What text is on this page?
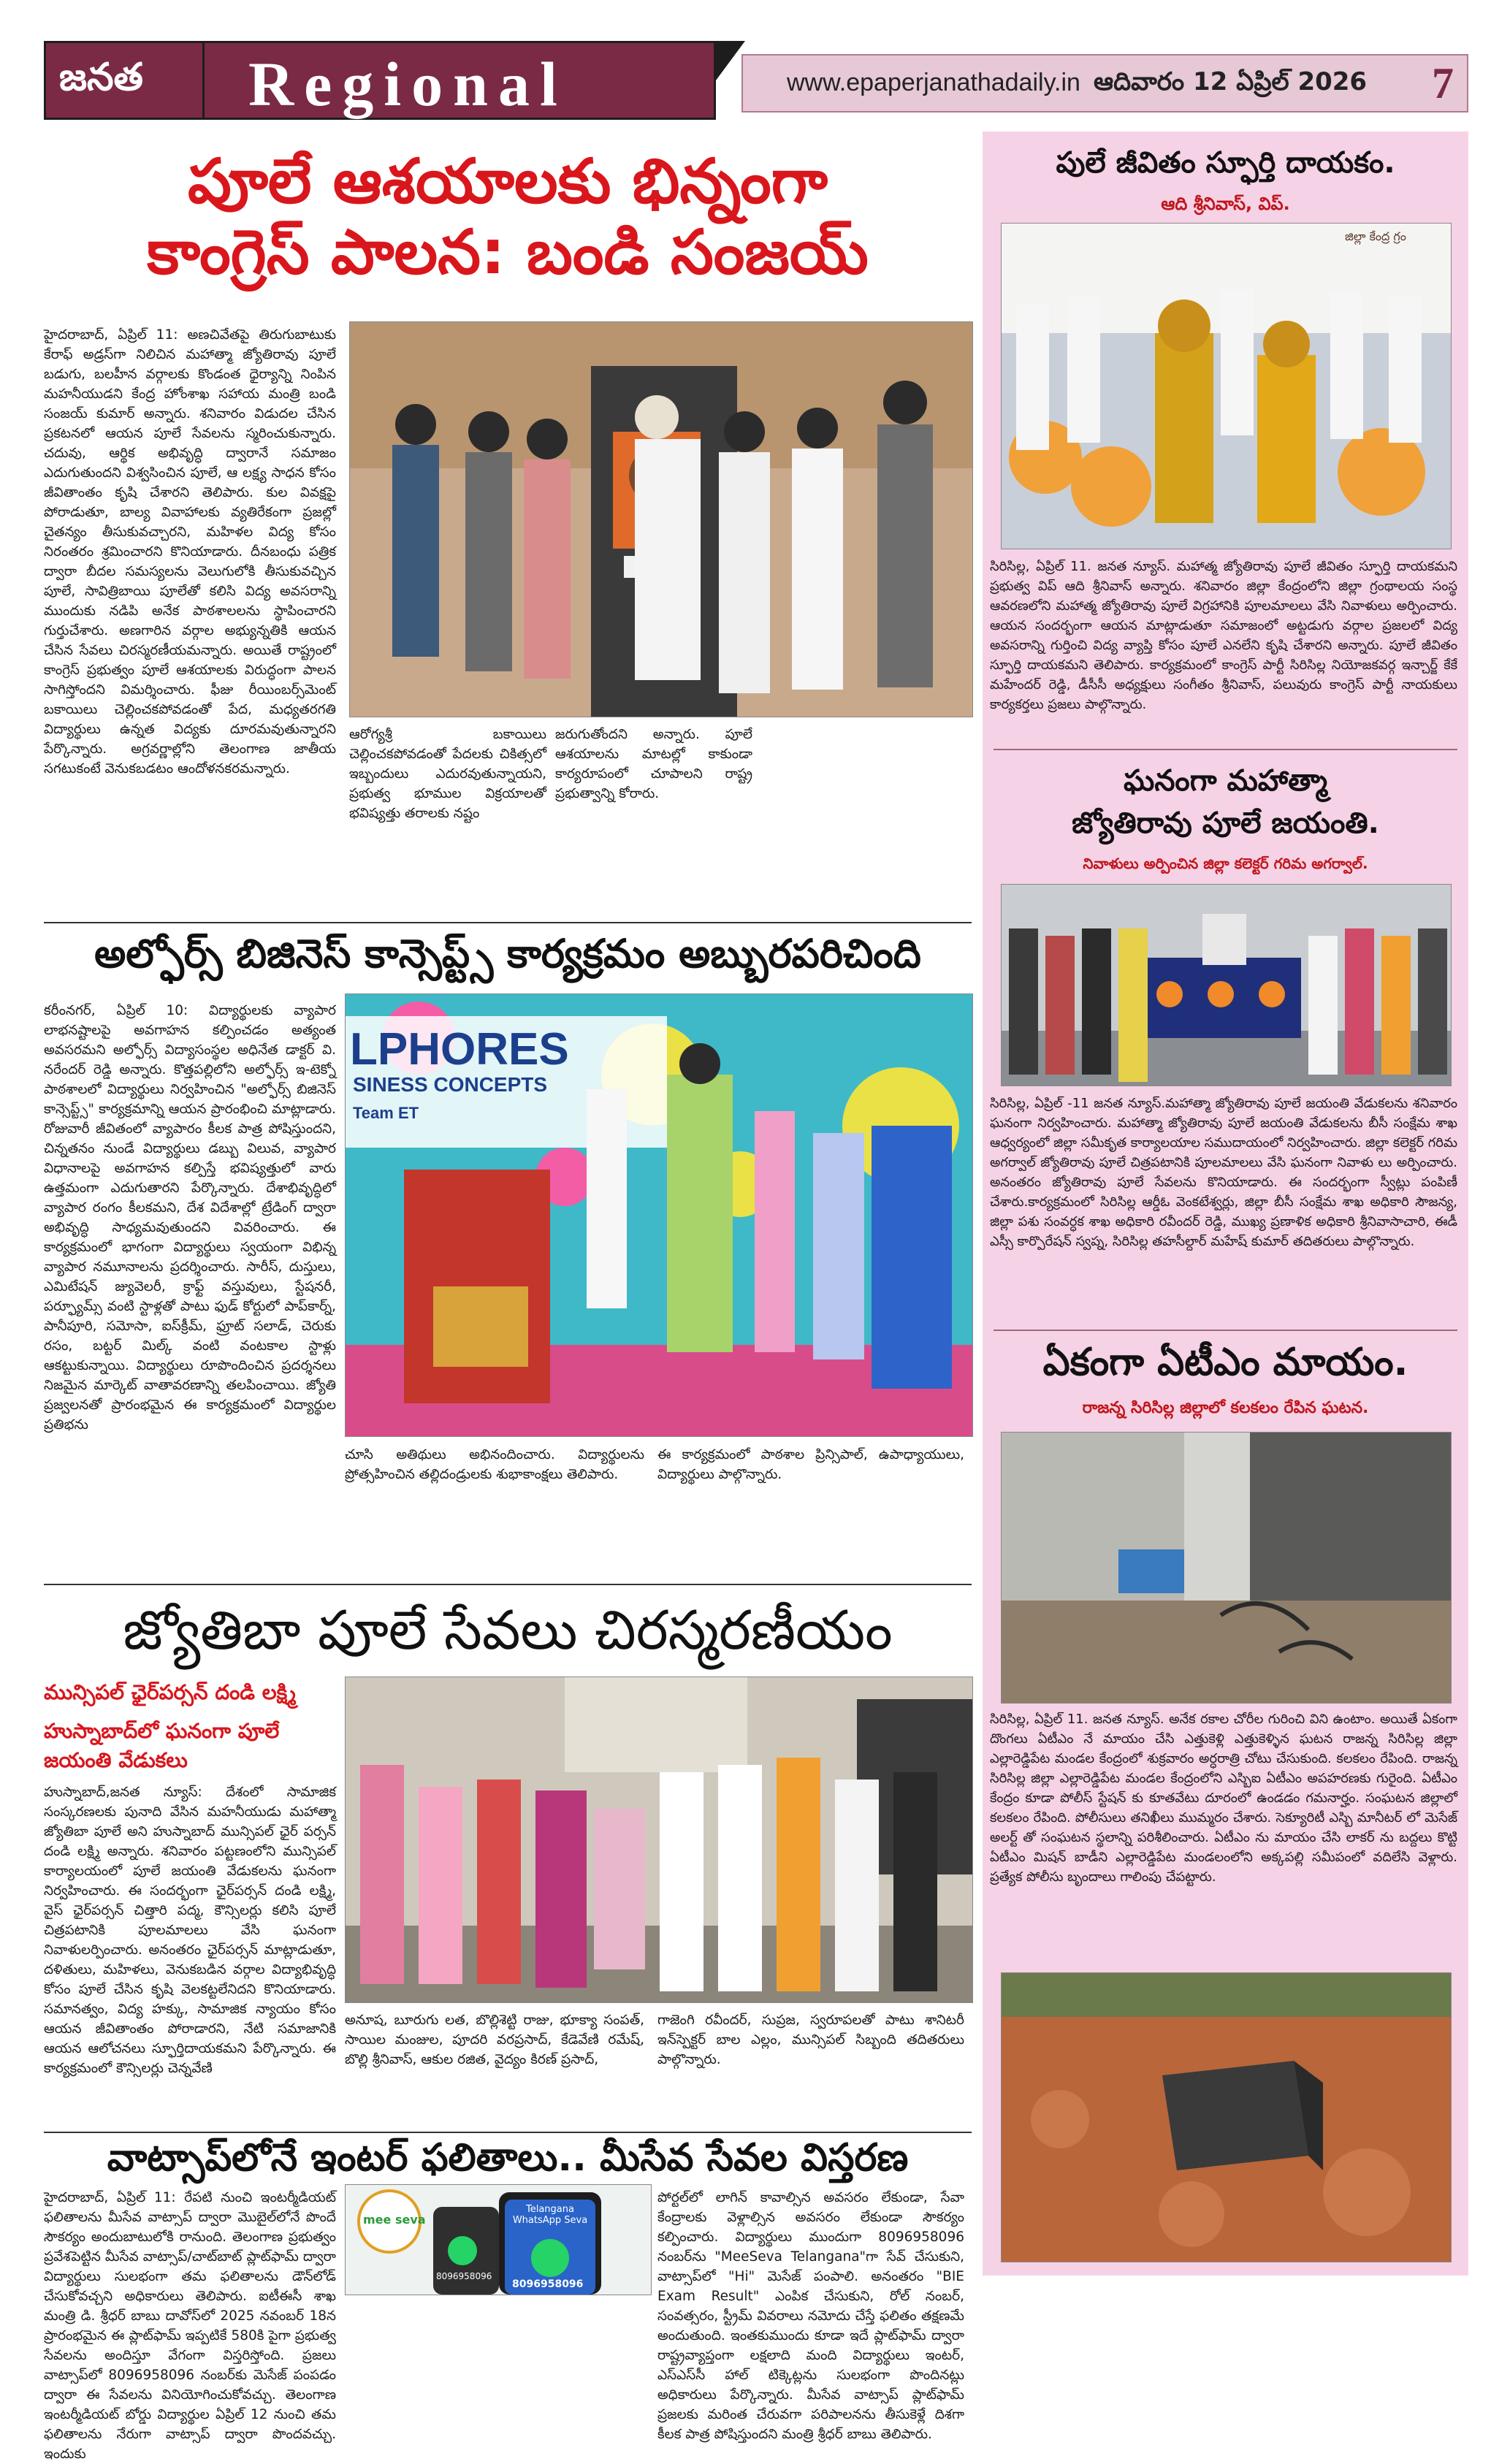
జనత Regional	www.epaperjanathadaily.in ఆదివారం 12 ఏప్రిల్ 2026 7
పూలే ఆశయాలకు భిన్నంగా
కాంగ్రెస్ పాలన: బండి సంజయ్
హైదరాబాద్, ఏప్రిల్ 11: అణచివేతపై తిరుగుబాటుకు కేరాఫ్ అడ్రస్‌గా నిలిచిన మహాత్మా జ్యోతిరావు పూలే బడుగు, బలహీన వర్గాలకు కొండంత ధైర్యాన్ని నింపిన మహనీయుడని కేంద్ర హోంశాఖ సహాయ మంత్రి బండి సంజయ్ కుమార్ అన్నారు. శనివారం విడుదల చేసిన ప్రకటనలో ఆయన పూలే సేవలను స్మరించుకున్నారు. చదువు, ఆర్థిక అభివృద్ధి ద్వారానే సమాజం ఎదుగుతుందని విశ్వసించిన పూలే, ఆ లక్ష్య సాధన కోసం జీవితాంతం కృషి చేశారని తెలిపారు. కుల వివక్షపై పోరాడుతూ, బాల్య వివాహాలకు వ్యతిరేకంగా ప్రజల్లో చైతన్యం తీసుకువచ్చారని, మహిళల విద్య కోసం నిరంతరం శ్రమించారని కొనియాడారు. దీనబంధు పత్రిక ద్వారా బీదల సమస్యలను వెలుగులోకి తీసుకువచ్చిన పూలే, సావిత్రిబాయి పూలేతో కలిసి విద్య అవసరాన్ని ముందుకు నడిపి అనేక పాఠశాలలను స్థాపించారని గుర్తుచేశారు. అణగారిన వర్గాల అభ్యున్నతికి ఆయన చేసిన సేవలు చిరస్మరణీయమన్నారు. అయితే రాష్ట్రంలో కాంగ్రెస్ ప్రభుత్వం పూలే ఆశయాలకు విరుద్ధంగా పాలన సాగిస్తోందని విమర్శించారు. ఫీజు రీయింబర్స్‌మెంట్ బకాయిలు చెల్లించకపోవడంతో పేద, మధ్యతరగతి విద్యార్థులు ఉన్నత విద్యకు దూరమవుతున్నారని పేర్కొన్నారు. అగ్రవర్ణాల్లోని తెలంగాణ జాతీయ సగటుకంటే వెనుకబడటం ఆందోళనకరమన్నారు.
ఆరోగ్యశ్రీ బకాయిలు చెల్లించకపోవడంతో పేదలకు చికిత్సలో ఇబ్బందులు ఎదురవుతున్నాయని, ప్రభుత్వ భూముల విక్రయాలతో భవిష్యత్తు తరాలకు నష్టం
జరుగుతోందని అన్నారు. పూలే ఆశయాలను మాటల్లో కాకుండా కార్యరూపంలో చూపాలని రాష్ట్ర ప్రభుత్వాన్ని కోరారు.
అల్ఫోర్స్ బిజినెస్ కాన్సెప్ట్స్ కార్యక్రమం అబ్బురపరిచింది
కరీంనగర్, ఏప్రిల్ 10: విద్యార్థులకు వ్యాపార లాభనష్టాలపై అవగాహన కల్పించడం అత్యంత అవసరమని అల్ఫోర్స్ విద్యాసంస్థల అధినేత డాక్టర్ వి. నరేందర్ రెడ్డి అన్నారు. కొత్తపల్లిలోని అల్ఫోర్స్ ఇ-టెక్నో పాఠశాలలో విద్యార్థులు నిర్వహించిన "అల్ఫోర్స్ బిజినెస్ కాన్సెప్ట్స్" కార్యక్రమాన్ని ఆయన ప్రారంభించి మాట్లాడారు. రోజువారీ జీవితంలో వ్యాపారం కీలక పాత్ర పోషిస్తుందని, చిన్నతనం నుండే విద్యార్థులు డబ్బు విలువ, వ్యాపార విధానాలపై అవగాహన కల్పిస్తే భవిష్యత్తులో వారు ఉత్తమంగా ఎదుగుతారని పేర్కొన్నారు. దేశాభివృద్ధిలో వ్యాపార రంగం కీలకమని, దేశ విదేశాల్లో ట్రేడింగ్ ద్వారా అభివృద్ధి సాధ్యమవుతుందని వివరించారు. ఈ కార్యక్రమంలో భాగంగా విద్యార్థులు స్వయంగా విభిన్న వ్యాపార నమూనాలను ప్రదర్శించారు. సారీస్, దుస్తులు, ఎమిటేషన్ జ్యువెలరీ, క్రాఫ్ట్ వస్తువులు, స్టేషనరీ, పర్ఫ్యూమ్స్ వంటి స్టాళ్లతో పాటు ఫుడ్ కోర్టులో పాప్‌కార్న్, పానీపూరి, సమోసా, ఐస్‌క్రీమ్, ఫ్రూట్ సలాడ్, చెరుకు రసం, బట్టర్ మిల్క్ వంటి వంటకాల స్టాళ్లు ఆకట్టుకున్నాయి. విద్యార్థులు రూపొందించిన ప్రదర్శనలు నిజమైన మార్కెట్ వాతావరణాన్ని తలపించాయి. జ్యోతి ప్రజ్వలనతో ప్రారంభమైన ఈ కార్యక్రమంలో విద్యార్థుల ప్రతిభను
LPHORES
SINESS CONCEPTS
Team ET
చూసి అతిథులు అభినందించారు. విద్యార్థులను ప్రోత్సహించిన తల్లిదండ్రులకు శుభాకాంక్షలు తెలిపారు.
ఈ కార్యక్రమంలో పాఠశాల ప్రిన్సిపాల్, ఉపాధ్యాయులు, విద్యార్థులు పాల్గొన్నారు.
జ్యోతిబా పూలే సేవలు చిరస్మరణీయం
మున్సిపల్ ఛైర్‌పర్సన్ దండి లక్ష్మి
హుస్నాబాద్‌లో ఘనంగా పూలే
జయంతి వేడుకలు
హుస్నాబాద్,జనత న్యూస్: దేశంలో సామాజిక సంస్కరణలకు పునాది వేసిన మహనీయుడు మహాత్మా జ్యోతిబా పూలే అని హుస్నాబాద్ మున్సిపల్ ఛైర్ పర్సన్ దండి లక్ష్మి అన్నారు. శనివారం పట్టణంలోని మున్సిపల్ కార్యాలయంలో పూలే జయంతి వేడుకలను ఘనంగా నిర్వహించారు. ఈ సందర్భంగా ఛైర్‌పర్సన్ దండి లక్ష్మి, వైస్ ఛైర్‌పర్సన్ చిత్తారి పద్మ, కౌన్సిలర్లు కలిసి పూలే చిత్రపటానికి పూలమాలలు వేసి ఘనంగా నివాళులర్పించారు. అనంతరం ఛైర్‌పర్సన్ మాట్లాడుతూ, దళితులు, మహిళలు, వెనుకబడిన వర్గాల విద్యాభివృద్ధి కోసం పూలే చేసిన కృషి వెలకట్టలేనిదని కొనియాడారు. సమానత్వం, విద్య హక్కు, సామాజిక న్యాయం కోసం ఆయన జీవితాంతం పోరాడారని, నేటి సమాజానికి ఆయన ఆలోచనలు స్ఫూర్తిదాయకమని పేర్కొన్నారు. ఈ కార్యక్రమంలో కౌన్సిలర్లు చెన్నవేణి
అనూష, బూరుగు లత, బొల్లిశెట్టి రాజు, భూక్యా సంపత్, సాయిల మంజుల, పూదరి వరప్రసాద్, కేడెవేణి రమేష్, బొల్లి శ్రీనివాస్, ఆకుల రజిత, వైద్యం కిరణ్ ప్రసాద్,
గాజెంగి రవీందర్, సుప్రజ, స్వరూపలతో పాటు శానిటరీ ఇన్‌స్పెక్టర్ బాల ఎల్లం, మున్సిపల్ సిబ్బంది తదితరులు పాల్గొన్నారు.
వాట్సాప్‌లోనే ఇంటర్ ఫలితాలు.. మీసేవ సేవల విస్తరణ
హైదరాబాద్, ఏప్రిల్ 11: రేపటి నుంచి ఇంటర్మీడియట్ ఫలితాలను మీసేవ వాట్సాప్ ద్వారా మొబైల్‌లోనే పొందే సౌకర్యం అందుబాటులోకి రానుంది. తెలంగాణ ప్రభుత్వం ప్రవేశపెట్టిన మీసేవ వాట్సాప్/చాట్‌బాట్ ప్లాట్‌ఫామ్ ద్వారా విద్యార్థులు సులభంగా తమ ఫలితాలను డౌన్‌లోడ్ చేసుకోవచ్చని అధికారులు తెలిపారు. ఐటీఈసీ శాఖ మంత్రి డి. శ్రీధర్ బాబు దావోస్‌లో 2025 నవంబర్ 18న ప్రారంభమైన ఈ ప్లాట్‌ఫామ్ ఇప్పటికే 580కి పైగా ప్రభుత్వ సేవలను అందిస్తూ వేగంగా విస్తరిస్తోంది. ప్రజలు వాట్సాప్‌లో 8096958096 నంబర్‌కు మెసేజ్ పంపడం ద్వారా ఈ సేవలను వినియోగించుకోవచ్చు. తెలంగాణ ఇంటర్మీడియట్ బోర్డు విద్యార్థుల ఏప్రిల్ 12 నుంచి తమ ఫలితాలను నేరుగా వాట్సాప్ ద్వారా పొందవచ్చు. ఇందుకు
mee seva
Telangana
WhatsApp Seva
8096958096
8096958096
పోర్టల్‌లో లాగిన్ కావాల్సిన అవసరం లేకుండా, సేవా కేంద్రాలకు వెళ్లాల్సిన అవసరం లేకుండా సౌకర్యం కల్పించారు. విద్యార్థులు ముందుగా 8096958096 నంబర్‌ను "MeeSeva Telangana"గా సేవ్ చేసుకుని, వాట్సాప్‌లో "Hi" మెసేజ్ పంపాలి. అనంతరం "BIE Exam Result" ఎంపిక చేసుకుని, రోల్ నంబర్, సంవత్సరం, స్ట్రీమ్ వివరాలు నమోదు చేస్తే ఫలితం తక్షణమే అందుతుంది. ఇంతకుముందు కూడా ఇదే ప్లాట్‌ఫామ్ ద్వారా రాష్ట్రవ్యాప్తంగా లక్షలాది మంది విద్యార్థులు ఇంటర్, ఎస్ఎస్‌సీ హాల్ టిక్కెట్లను సులభంగా పొందినట్లు అధికారులు పేర్కొన్నారు. మీసేవ వాట్సాప్ ప్లాట్‌ఫామ్ ప్రజలకు మరింత చేరువగా పరిపాలనను తీసుకెళ్లే దిశగా కీలక పాత్ర పోషిస్తుందని మంత్రి శ్రీధర్ బాబు తెలిపారు.
పులే జీవితం స్ఫూర్తి దాయకం.
ఆది శ్రీనివాస్, విప్.
జిల్లా కేంద్ర గ్రం
సిరిసిల్ల, ఏప్రిల్ 11. జనత న్యూస్. మహాత్మ జ్యోతిరావు పూలే జీవితం స్ఫూర్తి దాయకమని ప్రభుత్వ విప్ ఆది శ్రీనివాస్ అన్నారు. శనివారం జిల్లా కేంద్రంలోని జిల్లా గ్రంథాలయ సంస్థ ఆవరణలోని మహాత్మ జ్యోతిరావు పూలే విగ్రహానికి పూలమాలలు వేసి నివాళులు అర్పించారు. ఆయన సందర్భంగా ఆయన మాట్లాడుతూ సమాజంలో అట్టడుగు వర్గాల ప్రజలలో విద్య అవసరాన్ని గుర్తించి విద్య వ్యాప్తి కోసం పూలే ఎనలేని కృషి చేశారని అన్నారు. పూలే జీవితం స్ఫూర్తి దాయకమని తెలిపారు. కార్యక్రమంలో కాంగ్రెస్ పార్టీ సిరిసిల్ల నియోజకవర్గ ఇన్చార్జ్ కేకే మహేందర్ రెడ్డి, డీసీసీ అధ్యక్షులు సంగీతం శ్రీనివాస్, పలువురు కాంగ్రెస్ పార్టీ నాయకులు కార్యకర్తలు ప్రజలు పాల్గొన్నారు.
ఘనంగా మహాత్మా
జ్యోతిరావు పూలే జయంతి.
నివాళులు అర్పించిన జిల్లా కలెక్టర్ గరిమ అగర్వాల్.
సిరిసిల్ల, ఏప్రిల్ -11 జనత న్యూస్.మహాత్మా జ్యోతిరావు పూలే జయంతి వేడుకలను శనివారం ఘనంగా నిర్వహించారు. మహాత్మా జ్యోతిరావు పూలే జయంతి వేడుకలను బీసీ సంక్షేమ శాఖ ఆధ్వర్యంలో జిల్లా సమీకృత కార్యాలయాల సముదాయంలో నిర్వహించారు. జిల్లా కలెక్టర్ గరిమ అగర్వాల్ జ్యోతిరావు పూలే చిత్రపటానికి పూలమాలలు వేసి ఘనంగా నివాళు లు అర్పించారు. అనంతరం జ్యోతిరావు పూలే సేవలను కొనియాడారు. ఈ సందర్భంగా స్వీట్లు పంపిణీ చేశారు.కార్యక్రమంలో సిరిసిల్ల ఆర్డీఓ వెంకటేశ్వర్లు, జిల్లా బీసీ సంక్షేమ శాఖ అధికారి సౌజన్య, జిల్లా పశు సంవర్ధక శాఖ అధికారి రవీందర్ రెడ్డి, ముఖ్య ప్రణాళిక అధికారి శ్రీనివాసాచారి, ఈడీ ఎస్సీ కార్పొరేషన్ స్వప్న, సిరిసిల్ల తహసీల్దార్ మహేష్ కుమార్ తదితరులు పాల్గొన్నారు.
ఏకంగా ఏటీఎం మాయం.
రాజన్న సిరిసిల్ల జిల్లాలో కలకలం రేపిన ఘటన.
సిరిసిల్ల, ఏప్రిల్ 11. జనత న్యూస్. అనేక రకాల చోరీల గురించి విని ఉంటాం. అయితే ఏకంగా దొంగలు ఏటీఎం నే మాయం చేసి ఎత్తుకెళ్లి ఎత్తుకెళ్ళిన ఘటన రాజన్న సిరిసిల్ల జిల్లా ఎల్లారెడ్డిపేట మండల కేంద్రంలో శుక్రవారం అర్ధరాత్రి చోటు చేసుకుంది. కలకలం రేపింది. రాజన్న సిరిసిల్ల జిల్లా ఎల్లారెడ్డిపేట మండల కేంద్రంలోని ఎస్బిఐ ఏటీఎం అపహరణకు గురైంది. ఏటీఎం కేంద్రం కూడా పోలీస్ స్టేషన్ కు కూతవేటు దూరంలో ఉండడం గమనార్హం. సంఘటన జిల్లాలో కలకలం రేపింది. పోలీసులు తనిఖీలు ముమ్మరం చేశారు. సెక్యూరిటీ ఎస్బి మానీటర్ లో మెసేజ్ అలర్ట్ తో సంఘటన స్థలాన్ని పరిశీలించారు. ఏటీఎం ను మాయం చేసి లాకర్ ను బద్దలు కొట్టి ఏటీఎం మిషన్ బాడీని ఎల్లారెడ్డిపేట మండలంలోని అక్కపల్లి సమీపంలో వదిలేసి వెళ్లారు. ప్రత్యేక పోలీసు బృందాలు గాలింపు చేపట్టారు.
